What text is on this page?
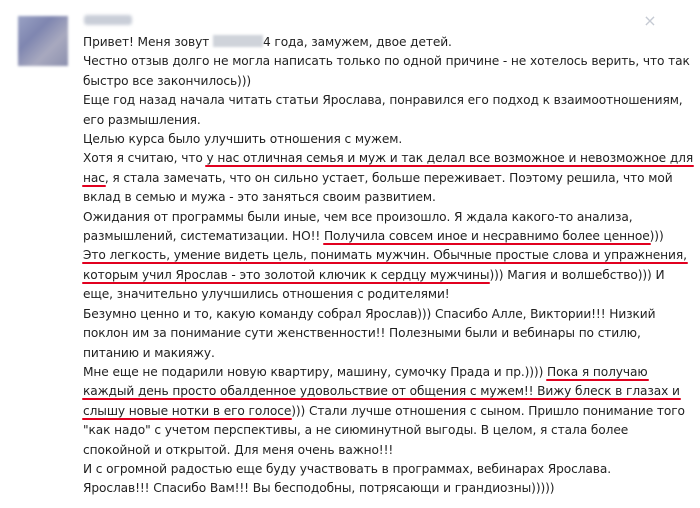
×

Привет! Меня зовут	4 года, замужем, двое детей.

Честно отзыв долго не могла написать только по одной причине - не хотелось верить, что так

быстро все закончилось)))

Еще год назад начала читать статьи Ярослава, понравился его подход к взаимоотношениям,

его размышления.

Целью курса было улучшить отношения с мужем.

Хотя я считаю, что у нас отличная семья и муж и так делал все возможное и невозможное для

нас, я стала замечать, что он сильно устает, больше переживает. Поэтому решила, что мой

вклад в семью и мужа - это заняться своим развитием.

Ожидания от программы были иные, чем все произошло. Я ждала какого-то анализа,

размышлений, систематизации. НО!! Получила совсем иное и несравнимо более ценное)))

Это легкость, умение видеть цель, понимать мужчин. Обычные простые слова и упражнения,

которым учил Ярослав - это золотой ключик к сердцу мужчины))) Магия и волшебство))) И

еще, значительно улучшились отношения с родителями!

Безумно ценно и то, какую команду собрал Ярослав))) Спасибо Алле, Виктории!!! Низкий

поклон им за понимание сути женственности!! Полезными были и вебинары по стилю,

питанию и макияжу.

Мне еще не подарили новую квартиру, машину, сумочку Прада и пр.)))) Пока я получаю

каждый день просто обалденное удовольствие от общения с мужем!! Вижу блеск в глазах и

слышу новые нотки в его голосе))) Стали лучше отношения с сыном. Пришло понимание того

"как надо" с учетом перспективы, а не сиюминутной выгоды. В целом, я стала более

спокойной и открытой. Для меня очень важно!!!

И с огромной радостью еще буду участвовать в программах, вебинарах Ярослава.

Ярослав!!! Спасибо Вам!!! Вы бесподобны, потрясающи и грандиозны)))))
